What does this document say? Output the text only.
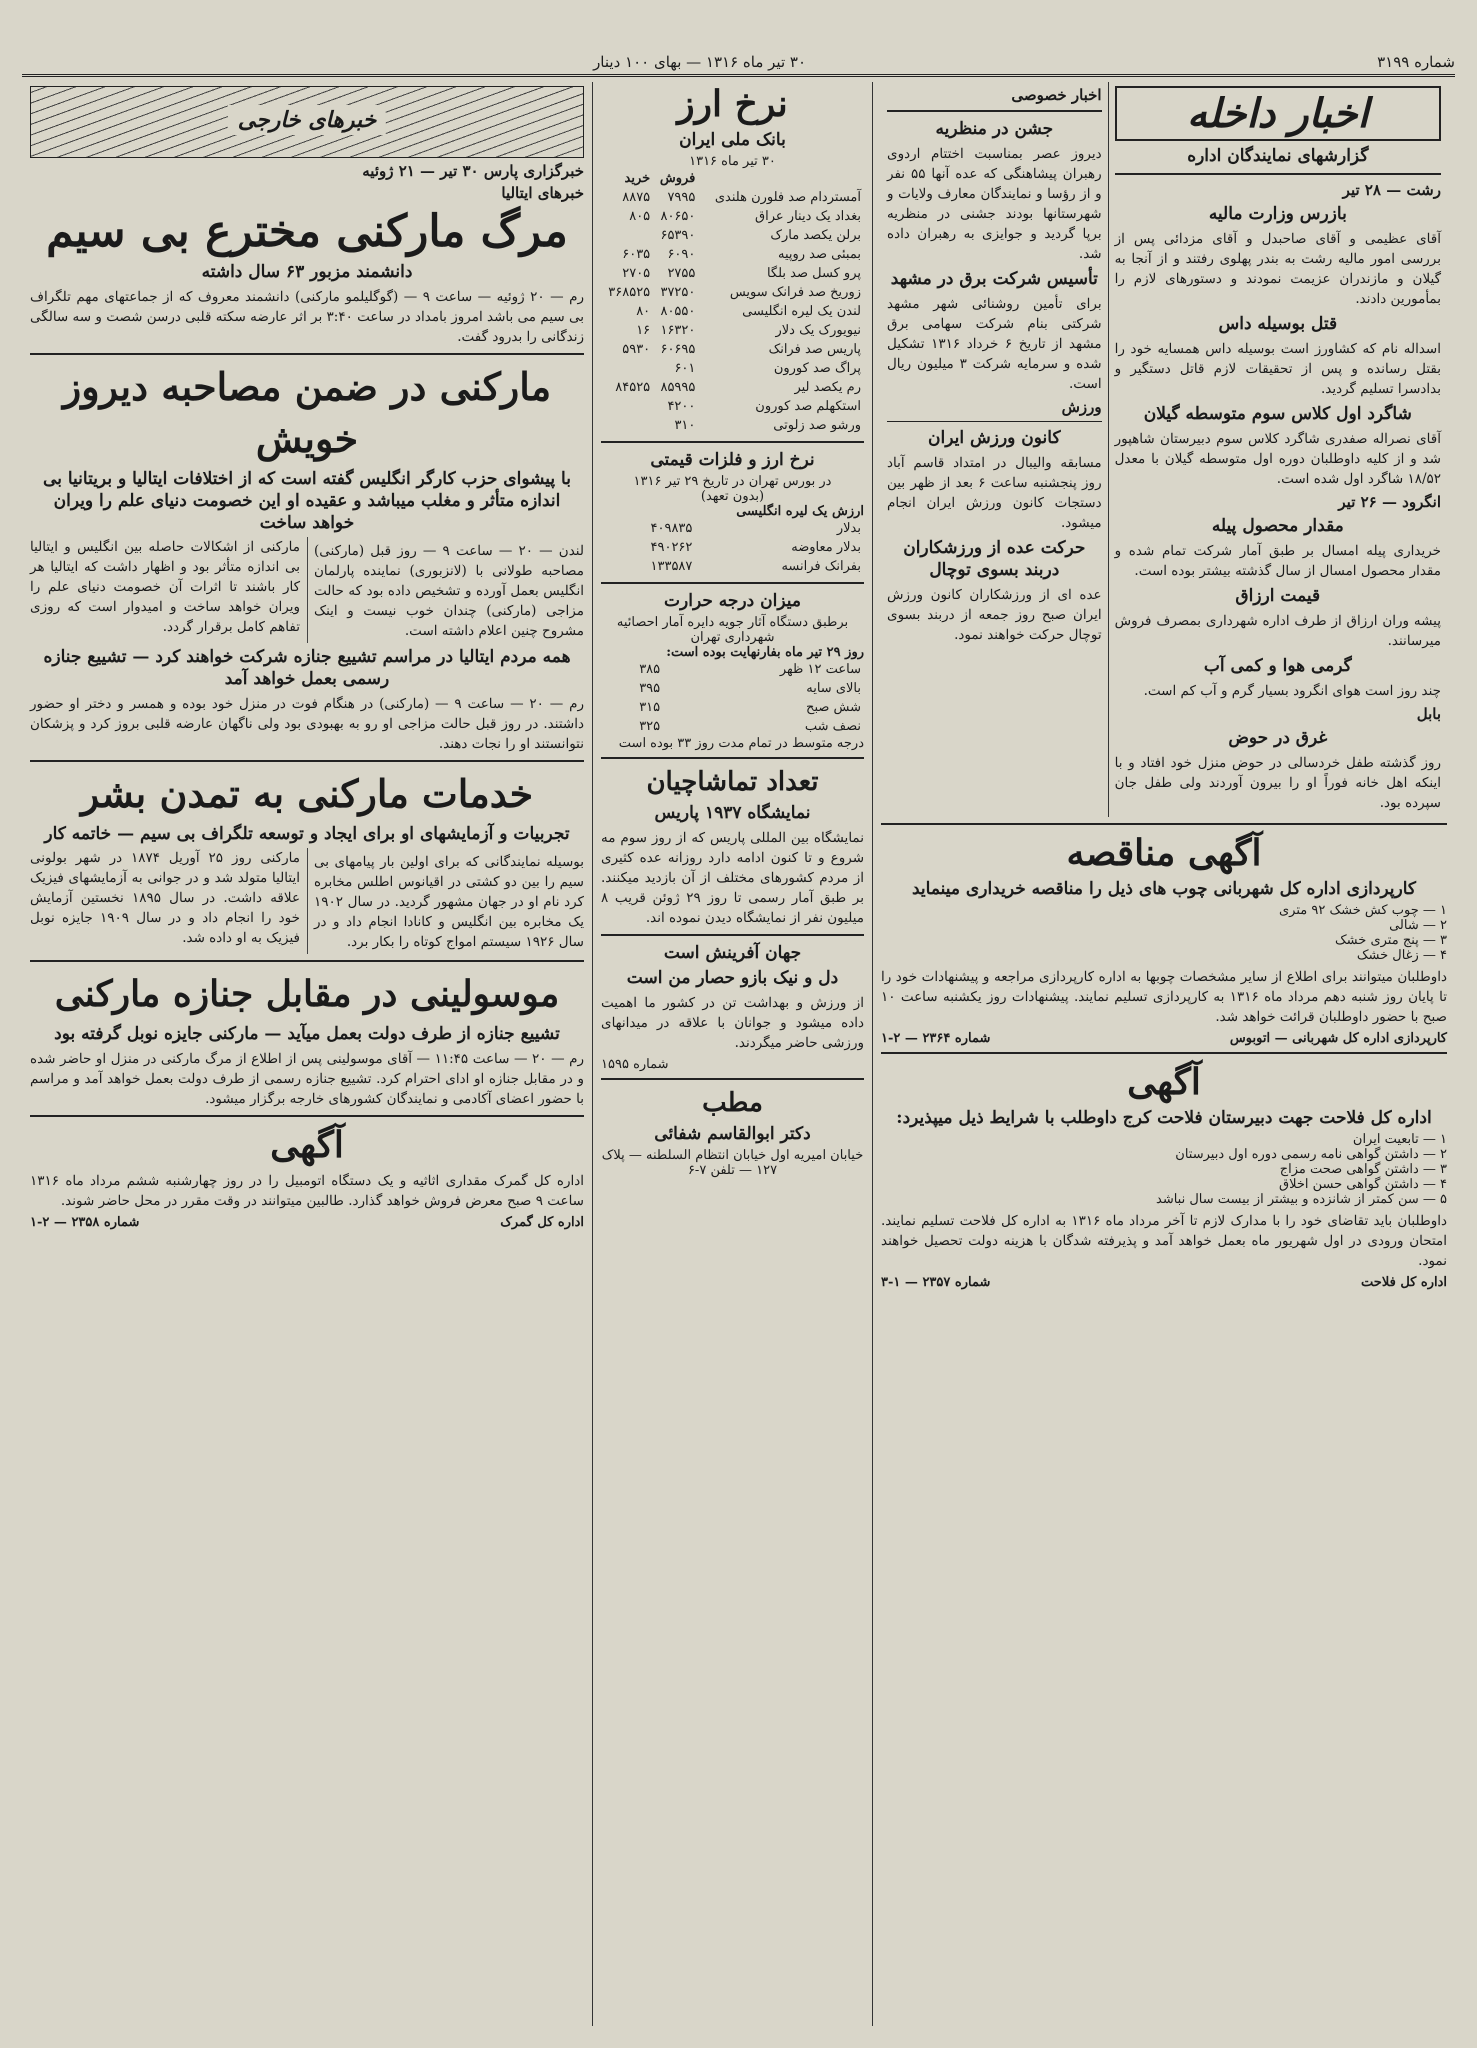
شماره ۳۱۹۹
۳۰ تیر ماه ۱۳۱۶ — بهای ۱۰۰ دینار
اخبار داخله
گزارشهای نمایندگان اداره
رشت — ۲۸ تیر
بازرس وزارت مالیه

آقای عظیمی و آقای صاحبدل و آقای مزدائی پس از بررسی امور مالیه رشت به بندر پهلوی رفتند و از آنجا به گیلان و مازندران عزیمت نمودند و دستورهای لازم را بمأمورین دادند.

قتل بوسیله داس

اسداله نام که کشاورز است بوسیله داس همسایه خود را بقتل رسانده و پس از تحقیقات لازم قاتل دستگیر و بدادسرا تسلیم گردید.

شاگرد اول کلاس سوم متوسطه گیلان

آقای نصراله صفدری شاگرد کلاس سوم دبیرستان شاهپور شد و از کلیه داوطلبان دوره اول متوسطه گیلان با معدل ۱۸/۵۲ شاگرد اول شده است.

انگرود — ۲۶ تیر
مقدار محصول پیله

خریداری پیله امسال بر طبق آمار شرکت تمام شده و مقدار محصول امسال از سال گذشته بیشتر بوده است.

قیمت ارزاق

پیشه وران ارزاق از طرف اداره شهرداری بمصرف فروش میرسانند.

گرمی هوا و کمی آب

چند روز است هوای انگرود بسیار گرم و آب کم است.

بابل
غرق در حوض

روز گذشته طفل خردسالی در حوض منزل خود افتاد و با اینکه اهل خانه فوراً او را بیرون آوردند ولی طفل جان سپرده بود.

اخبار خصوصی
جشن در منظریه

دیروز عصر بمناسبت اختتام اردوی رهبران پیشاهنگی که عده آنها ۵۵ نفر و از رؤسا و نمایندگان معارف ولایات و شهرستانها بودند جشنی در منظریه برپا گردید و جوایزی به رهبران داده شد.

تأسیس شرکت برق در مشهد

برای تأمین روشنائی شهر مشهد شرکتی بنام شرکت سهامی برق مشهد از تاریخ ۶ خرداد ۱۳۱۶ تشکیل شده و سرمایه شرکت ۳ میلیون ریال است.

ورزش
کانون ورزش ایران

مسابقه والیبال در امتداد قاسم آباد روز پنجشنبه ساعت ۶ بعد از ظهر بین دستجات کانون ورزش ایران انجام میشود.

حرکت عده از ورزشکاران دربند بسوی توچال

عده ای از ورزشکاران کانون ورزش ایران صبح روز جمعه از دربند بسوی توچال حرکت خواهند نمود.

آگهی مناقصه
کارپردازی اداره کل شهربانی چوب های ذیل را مناقصه خریداری مینماید
۱ — چوب کش خشک ۹۲ متری
۲ — شالی
۳ — پنج متری خشک
۴ — زغال خشک

داوطلبان میتوانند برای اطلاع از سایر مشخصات چوبها به اداره کارپردازی مراجعه و پیشنهادات خود را تا پایان روز شنبه دهم مرداد ماه ۱۳۱۶ به کارپردازی تسلیم نمایند. پیشنهادات روز یکشنبه ساعت ۱۰ صبح با حضور داوطلبان قرائت خواهد شد.

کارپردازی اداره کل شهربانی — اتوبوس
شماره ۲۳۶۴ — ۲-۱
آگهی
اداره کل فلاحت جهت دبیرستان فلاحت کرج داوطلب با شرایط ذیل میپذیرد:
۱ — تابعیت ایران
۲ — داشتن گواهی نامه رسمی دوره اول دبیرستان
۳ — داشتن گواهی صحت مزاج
۴ — داشتن گواهی حسن اخلاق
۵ — سن کمتر از شانزده و بیشتر از بیست سال نباشد

داوطلبان باید تقاضای خود را با مدارک لازم تا آخر مرداد ماه ۱۳۱۶ به اداره کل فلاحت تسلیم نمایند. امتحان ورودی در اول شهریور ماه بعمل خواهد آمد و پذیرفته شدگان با هزینه دولت تحصیل خواهند نمود.

اداره کل فلاحت
شماره ۲۳۵۷ — ۱-۳
نرخ ارز
بانک ملی ایران
۳۰ تیر ماه ۱۳۱۶
	فروش	خرید
آمستردام صد فلورن هلندی	۷۹۹۵	۸۸۷۵
بغداد یک دینار عراق	۸۰۶۵۰	۸۰۵
برلن یکصد مارک	۶۵۳۹۰	
بمبئی صد روپیه	۶۰۹۰	۶۰۳۵
پرو کسل صد بلگا	۲۷۵۵	۲۷۰۵
زوریخ صد فرانک سویس	۳۷۲۵۰	۳۶۸۵۲۵
لندن یک لیره انگلیسی	۸۰۵۵۰	۸۰
نیویورک یک دلار	۱۶۳۲۰	۱۶
پاریس صد فرانک	۶۰۶۹۵	۵۹۳۰
پراگ صد کورون	۶۰۱	
رم یکصد لیر	۸۵۹۹۵	۸۴۵۲۵
استکهلم صد کورون	۴۲۰۰	
ورشو صد زلوتی	۳۱۰	
نرخ ارز و فلزات قیمتی
در بورس تهران در تاریخ ۲۹ تیر ۱۳۱۶
(بدون تعهد)
ارزش یک لیره انگلیسی
بدلار	۴۰۹۸۳۵
بدلار معاوضه	۴۹۰۲۶۲
بفرانک فرانسه	۱۳۳۵۸۷
میزان درجه حرارت
برطبق دستگاه آثار جویه دایره آمار احصائیه شهرداری تهران
روز ۲۹ تیر ماه بفارنهایت بوده است:
ساعت ۱۲ ظهر	۳۸۵
بالای سایه	۳۹۵
شش صبح	۳۱۵
نصف شب	۳۲۵
درجه متوسط در تمام مدت روز ۳۳ بوده است
تعداد تماشاچیان
نمایشگاه ۱۹۳۷ پاریس

نمایشگاه بین المللی پاریس که از روز سوم مه شروع و تا کنون ادامه دارد روزانه عده کثیری از مردم کشورهای مختلف از آن بازدید میکنند. بر طبق آمار رسمی تا روز ۲۹ ژوئن قریب ۸ میلیون نفر از نمایشگاه دیدن نموده اند.

جهان آفرینش است
دل و نیک بازو حصار من است

از ورزش و بهداشت تن در کشور ما اهمیت داده میشود و جوانان با علاقه در میدانهای ورزشی حاضر میگردند.

شماره ۱۵۹۵
مطب
دکتر ابوالقاسم شفائی
خیابان امیریه اول خیابان انتظام السلطنه — پلاک ۱۲۷ — تلفن ۷-۶
خبرهای خارجی
خبرگزاری پارس ۳۰ تیر — ۲۱ ژوئیه
خبرهای ایتالیا
مرگ مارکنی مخترع بی سیم
دانشمند مزبور ۶۳ سال داشته

رم — ۲۰ ژوئیه — ساعت ۹ — (گوگلیلمو مارکنی) دانشمند معروف که از جماعتهای مهم تلگراف بی سیم می باشد امروز بامداد در ساعت ۳:۴۰ بر اثر عارضه سکته قلبی درسن شصت و سه سالگی زندگانی را بدرود گفت.

مارکنی در ضمن مصاحبه دیروز خویش
با پیشوای حزب کارگر انگلیس گفته است که از اختلافات ایتالیا و بریتانیا بی اندازه متأثر و مغلب میباشد و عقیده او این خصومت دنیای علم را ویران خواهد ساخت

لندن — ۲۰ — ساعت ۹ — روز قبل (مارکنی) مصاحبه طولانی با (لانزبوری) نماینده پارلمان انگلیس بعمل آورده و تشخیص داده بود که حالت مزاجی (مارکنی) چندان خوب نیست و اینک مشروح چنین اعلام داشته است.

مارکنی از اشکالات حاصله بین انگلیس و ایتالیا بی اندازه متأثر بود و اظهار داشت که ایتالیا هر کار باشند تا اثرات آن خصومت دنیای علم را ویران خواهد ساخت و امیدوار است که روزی تفاهم کامل برقرار گردد.

همه مردم ایتالیا در مراسم تشییع جنازه شرکت خواهند کرد — تشییع جنازه رسمی بعمل خواهد آمد

رم — ۲۰ — ساعت ۹ — (مارکنی) در هنگام فوت در منزل خود بوده و همسر و دختر او حضور داشتند. در روز قبل حالت مزاجی او رو به بهبودی بود ولی ناگهان عارضه قلبی بروز کرد و پزشکان نتوانستند او را نجات دهند.

خدمات مارکنی به تمدن بشر
تجربیات و آزمایشهای او برای ایجاد و توسعه تلگراف بی سیم — خاتمه کار

بوسیله نمایندگانی که برای اولین بار پیامهای بی سیم را بین دو کشتی در اقیانوس اطلس مخابره کرد نام او در جهان مشهور گردید. در سال ۱۹۰۲ یک مخابره بین انگلیس و کانادا انجام داد و در سال ۱۹۲۶ سیستم امواج کوتاه را بکار برد.

مارکنی روز ۲۵ آوریل ۱۸۷۴ در شهر بولونی ایتالیا متولد شد و در جوانی به آزمایشهای فیزیک علاقه داشت. در سال ۱۸۹۵ نخستین آزمایش خود را انجام داد و در سال ۱۹۰۹ جایزه نوبل فیزیک به او داده شد.

موسولینی در مقابل جنازه مارکنی
تشییع جنازه از طرف دولت بعمل میآید — مارکنی جایزه نوبل گرفته بود

رم — ۲۰ — ساعت ۱۱:۴۵ — آقای موسولینی پس از اطلاع از مرگ مارکنی در منزل او حاضر شده و در مقابل جنازه او ادای احترام کرد. تشییع جنازه رسمی از طرف دولت بعمل خواهد آمد و مراسم با حضور اعضای آکادمی و نمایندگان کشورهای خارجه برگزار میشود.

آگهی

اداره کل گمرک مقداری اثاثیه و یک دستگاه اتومبیل را در روز چهارشنبه ششم مرداد ماه ۱۳۱۶ ساعت ۹ صبح معرض فروش خواهد گذارد. طالبین میتوانند در وقت مقرر در محل حاضر شوند.

اداره کل گمرک
شماره ۲۳۵۸ — ۲-۱
